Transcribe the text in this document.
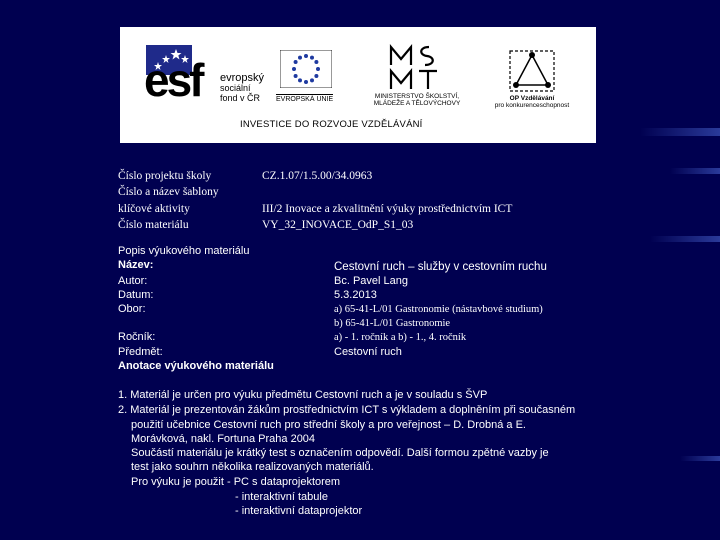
esf evropský
sociální
fond v ČR	EVROPSKÁ UNIE	MINISTERSTVO ŠKOLSTVÍ,
MLÁDEŽE A TĚLOVÝCHOVY
OP Vzdělávání
pro konkurenceschopnost
INVESTICE DO ROZVOJE VZDĚLÁVÁNÍ
Číslo projektu školy	CZ.1.07/1.5.00/34.0963
Číslo a název šablony
klíčové aktivity	III/2 Inovace a zkvalitnění výuky prostřednictvím ICT
Číslo materiálu	VY_32_INOVACE_OdP_S1_03
Popis výukového materiálu
Název:	Cestovní ruch – služby v cestovním ruchu
Autor:	Bc. Pavel Lang
Datum:	5.3.2013
Obor:	a) 65-41-L/01 Gastronomie (nástavbové studium)
b) 65-41-L/01 Gastronomie
Ročník:	a) - 1. ročník a b) - 1., 4. ročník
Předmět:	Cestovní ruch
Anotace výukového materiálu
1. Materiál je určen pro výuku předmětu Cestovní ruch a je v souladu s ŠVP
2. Materiál je prezentován žákům prostřednictvím ICT s výkladem a doplněním při současném
použití učebnice Cestovní ruch pro střední školy a pro veřejnost – D. Drobná a E.
Morávková, nakl. Fortuna Praha 2004
Součástí materiálu je krátký test s označením odpovědí. Další formou zpětné vazby je
test jako souhrn několika realizovaných materiálů.
Pro výuku je použit - PC s dataprojektorem
- interaktivní tabule
- interaktivní dataprojektor
